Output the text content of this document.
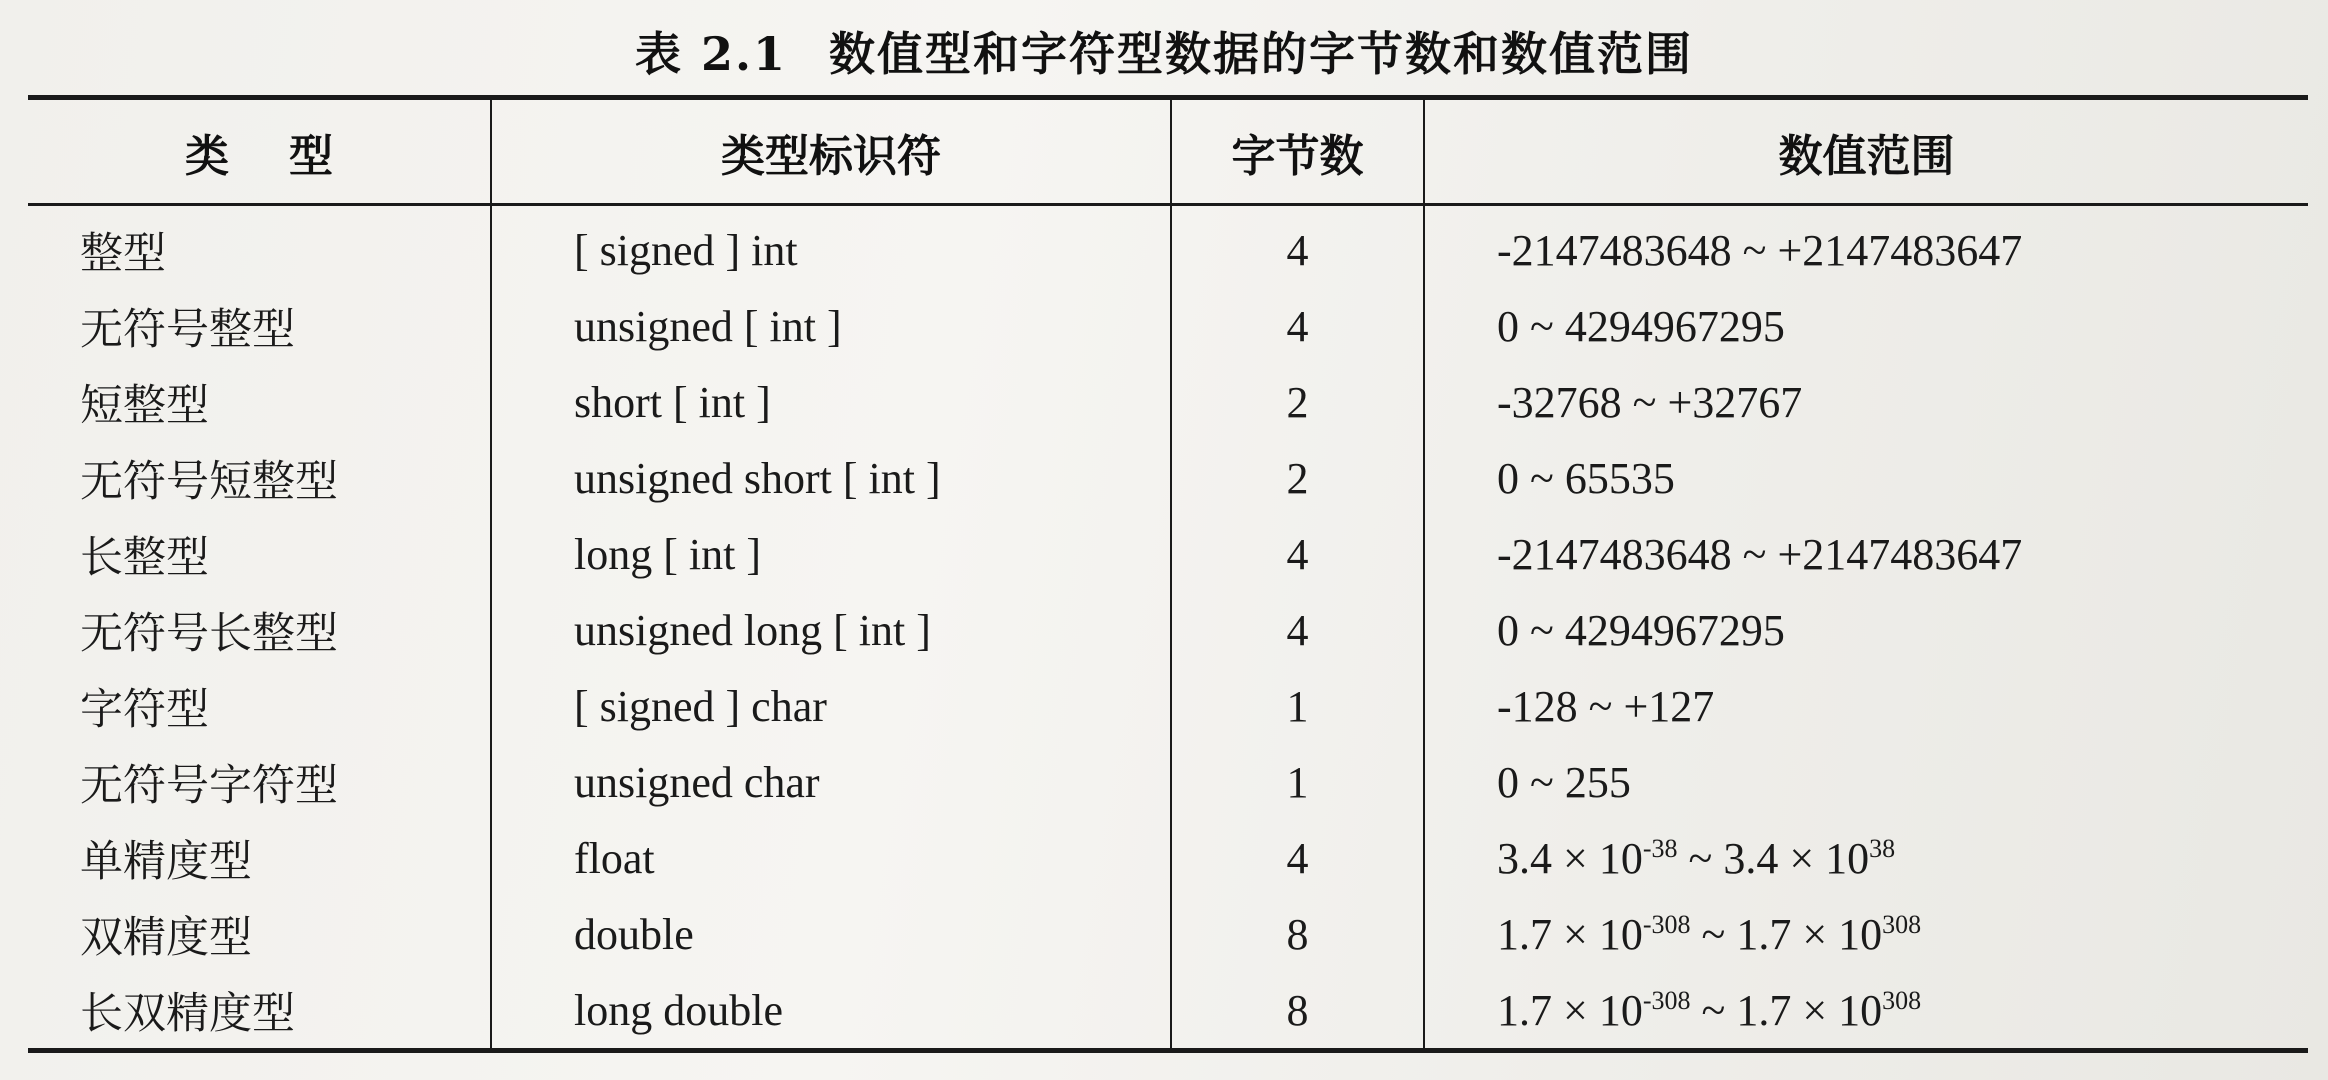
表 2.1 数值型和字符型数据的字节数和数值范围
类 型	类型标识符	字节数	数值范围
整型	[ signed ] int	4	-2147483648 ~ +2147483647
无符号整型	unsigned [ int ]	4	0 ~ 4294967295
短整型	short [ int ]	2	-32768 ~ +32767
无符号短整型	unsigned short [ int ]	2	0 ~ 65535
长整型	long [ int ]	4	-2147483648 ~ +2147483647
无符号长整型	unsigned long [ int ]	4	0 ~ 4294967295
字符型	[ signed ] char	1	-128 ~ +127
无符号字符型	unsigned char	1	0 ~ 255
单精度型	float	4	$3.4 \times 10^{-38}$ ~ $3.4 \times 10^{38}$
双精度型	double	8	$1.7 \times 10^{-308}$ ~ $1.7 \times 10^{308}$
长双精度型	long double	8	$1.7 \times 10^{-308}$ ~ $1.7 \times 10^{308}$
